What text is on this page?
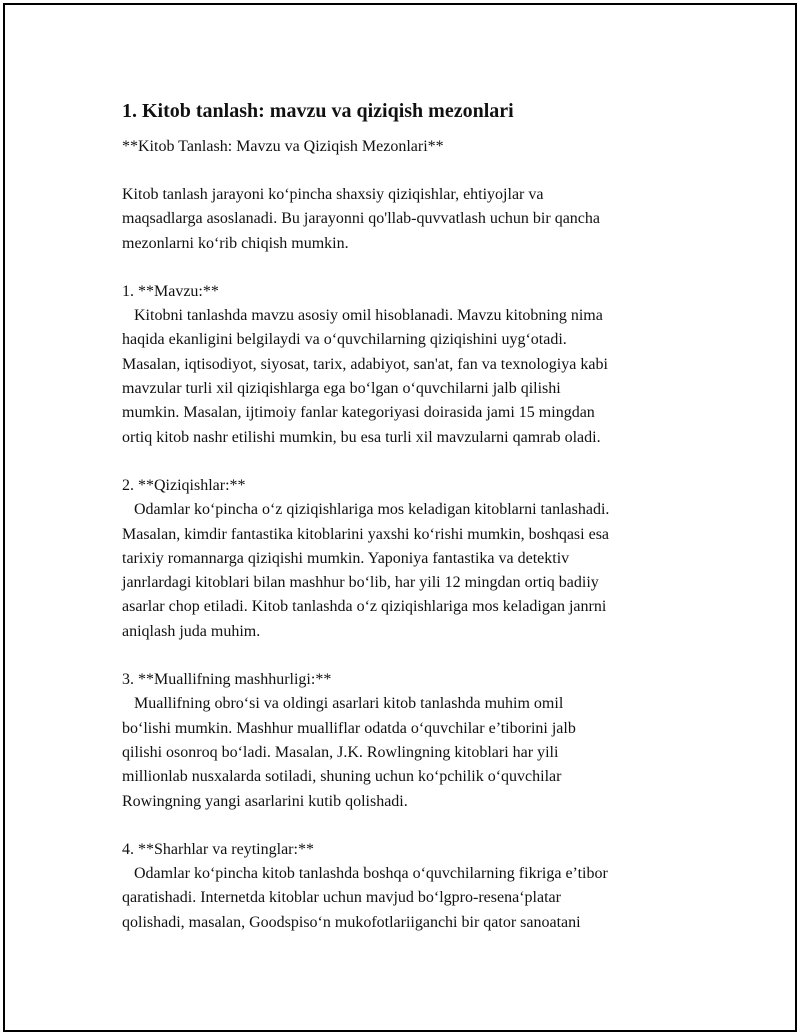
1. Kitob tanlash: mavzu va qiziqish mezonlari

**Kitob Tanlash: Mavzu va Qiziqish Mezonlari**

Kitob tanlash jarayoni ko‘pincha shaxsiy qiziqishlar, ehtiyojlar va
maqsadlarga asoslanadi. Bu jarayonni qo'llab-quvvatlash uchun bir qancha
mezonlarni ko‘rib chiqish mumkin.

1. **Mavzu:**
Kitobni tanlashda mavzu asosiy omil hisoblanadi. Mavzu kitobning nima
haqida ekanligini belgilaydi va o‘quvchilarning qiziqishini uyg‘otadi.
Masalan, iqtisodiyot, siyosat, tarix, adabiyot, san'at, fan va texnologiya kabi
mavzular turli xil qiziqishlarga ega bo‘lgan o‘quvchilarni jalb qilishi
mumkin. Masalan, ijtimoiy fanlar kategoriyasi doirasida jami 15 mingdan
ortiq kitob nashr etilishi mumkin, bu esa turli xil mavzularni qamrab oladi.

2. **Qiziqishlar:**
Odamlar ko‘pincha o‘z qiziqishlariga mos keladigan kitoblarni tanlashadi.
Masalan, kimdir fantastika kitoblarini yaxshi ko‘rishi mumkin, boshqasi esa
tarixiy romannarga qiziqishi mumkin. Yaponiya fantastika va detektiv
janrlardagi kitoblari bilan mashhur bo‘lib, har yili 12 mingdan ortiq badiiy
asarlar chop etiladi. Kitob tanlashda o‘z qiziqishlariga mos keladigan janrni
aniqlash juda muhim.

3. **Muallifning mashhurligi:**
Muallifning obro‘si va oldingi asarlari kitob tanlashda muhim omil
bo‘lishi mumkin. Mashhur mualliflar odatda o‘quvchilar e’tiborini jalb
qilishi osonroq bo‘ladi. Masalan, J.K. Rowlingning kitoblari har yili
millionlab nusxalarda sotiladi, shuning uchun ko‘pchilik o‘quvchilar
Rowingning yangi asarlarini kutib qolishadi.

4. **Sharhlar va reytinglar:**
Odamlar ko‘pincha kitob tanlashda boshqa o‘quvchilarning fikriga e’tibor
qaratishadi. Internetda kitoblar uchun mavjud bo‘lgpro-resena‘platar
qolishadi, masalan, Goodspiso‘n mukofotlariiganchi bir qator sanoatani
